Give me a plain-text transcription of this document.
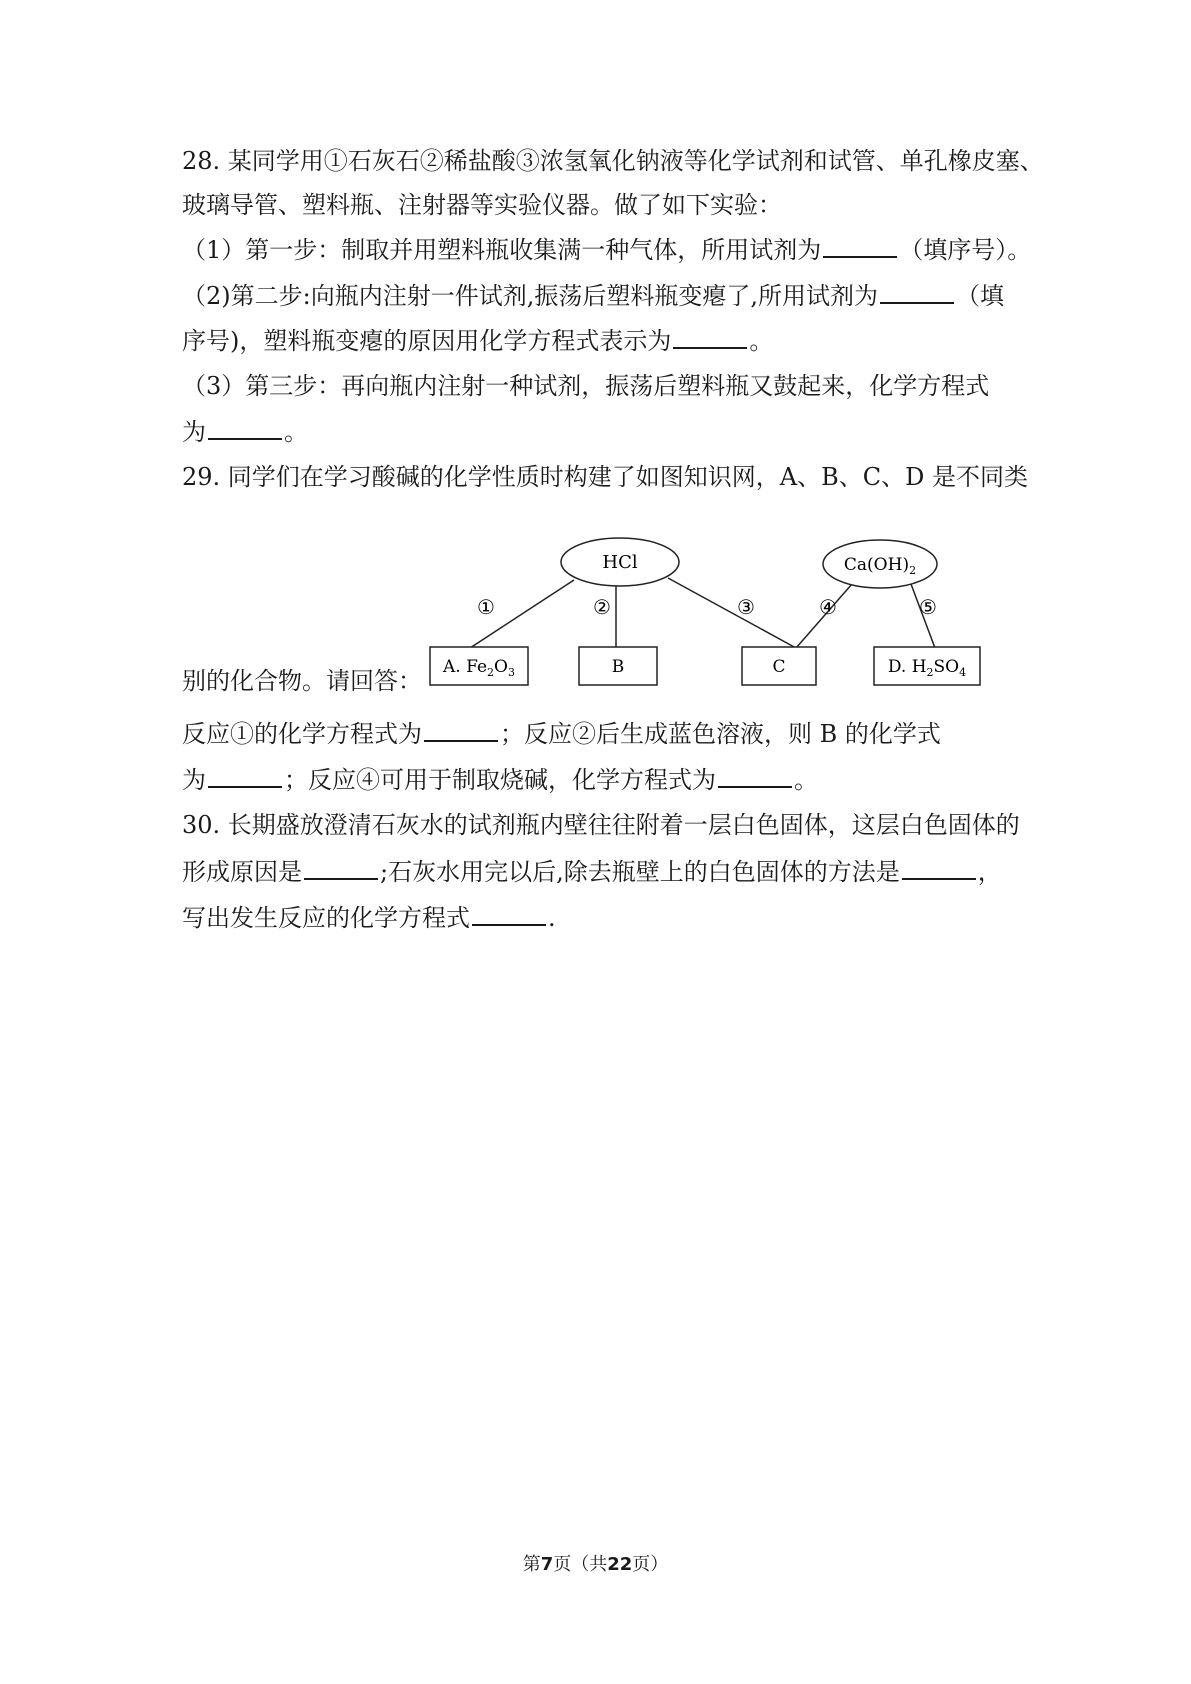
28. 某同学用①石灰石②稀盐酸③浓氢氧化钠液等化学试剂和试管、单孔橡皮塞、
玻璃导管、塑料瓶、注射器等实验仪器。做了如下实验：
（1）第一步：制取并用塑料瓶收集满一种气体，所用试剂为	（填序号）。
（2)第二步:向瓶内注射一件试剂,振荡后塑料瓶变瘪了,所用试剂为	（填
序号)，塑料瓶变瘪的原因用化学方程式表示为	。
（3）第三步：再向瓶内注射一种试剂，振荡后塑料瓶又鼓起来，化学方程式
为	。
29. 同学们在学习酸碱的化学性质时构建了如图知识网，A、B、C、D 是不同类
HCl	$Ca(OH)_2$
①	②	③	④	⑤
A. $Fe_2O_3$	B	C	D. $H_2SO_4$
别的化合物。请回答：
反应①的化学方程式为	；反应②后生成蓝色溶液，则 B 的化学式
为	；反应④可用于制取烧碱，化学方程式为	。
30. 长期盛放澄清石灰水的试剂瓶内壁往往附着一层白色固体，这层白色固体的
形成原因是	;石灰水用完以后,除去瓶壁上的白色固体的方法是	，
写出发生反应的化学方程式	.
第7页（共22页）
